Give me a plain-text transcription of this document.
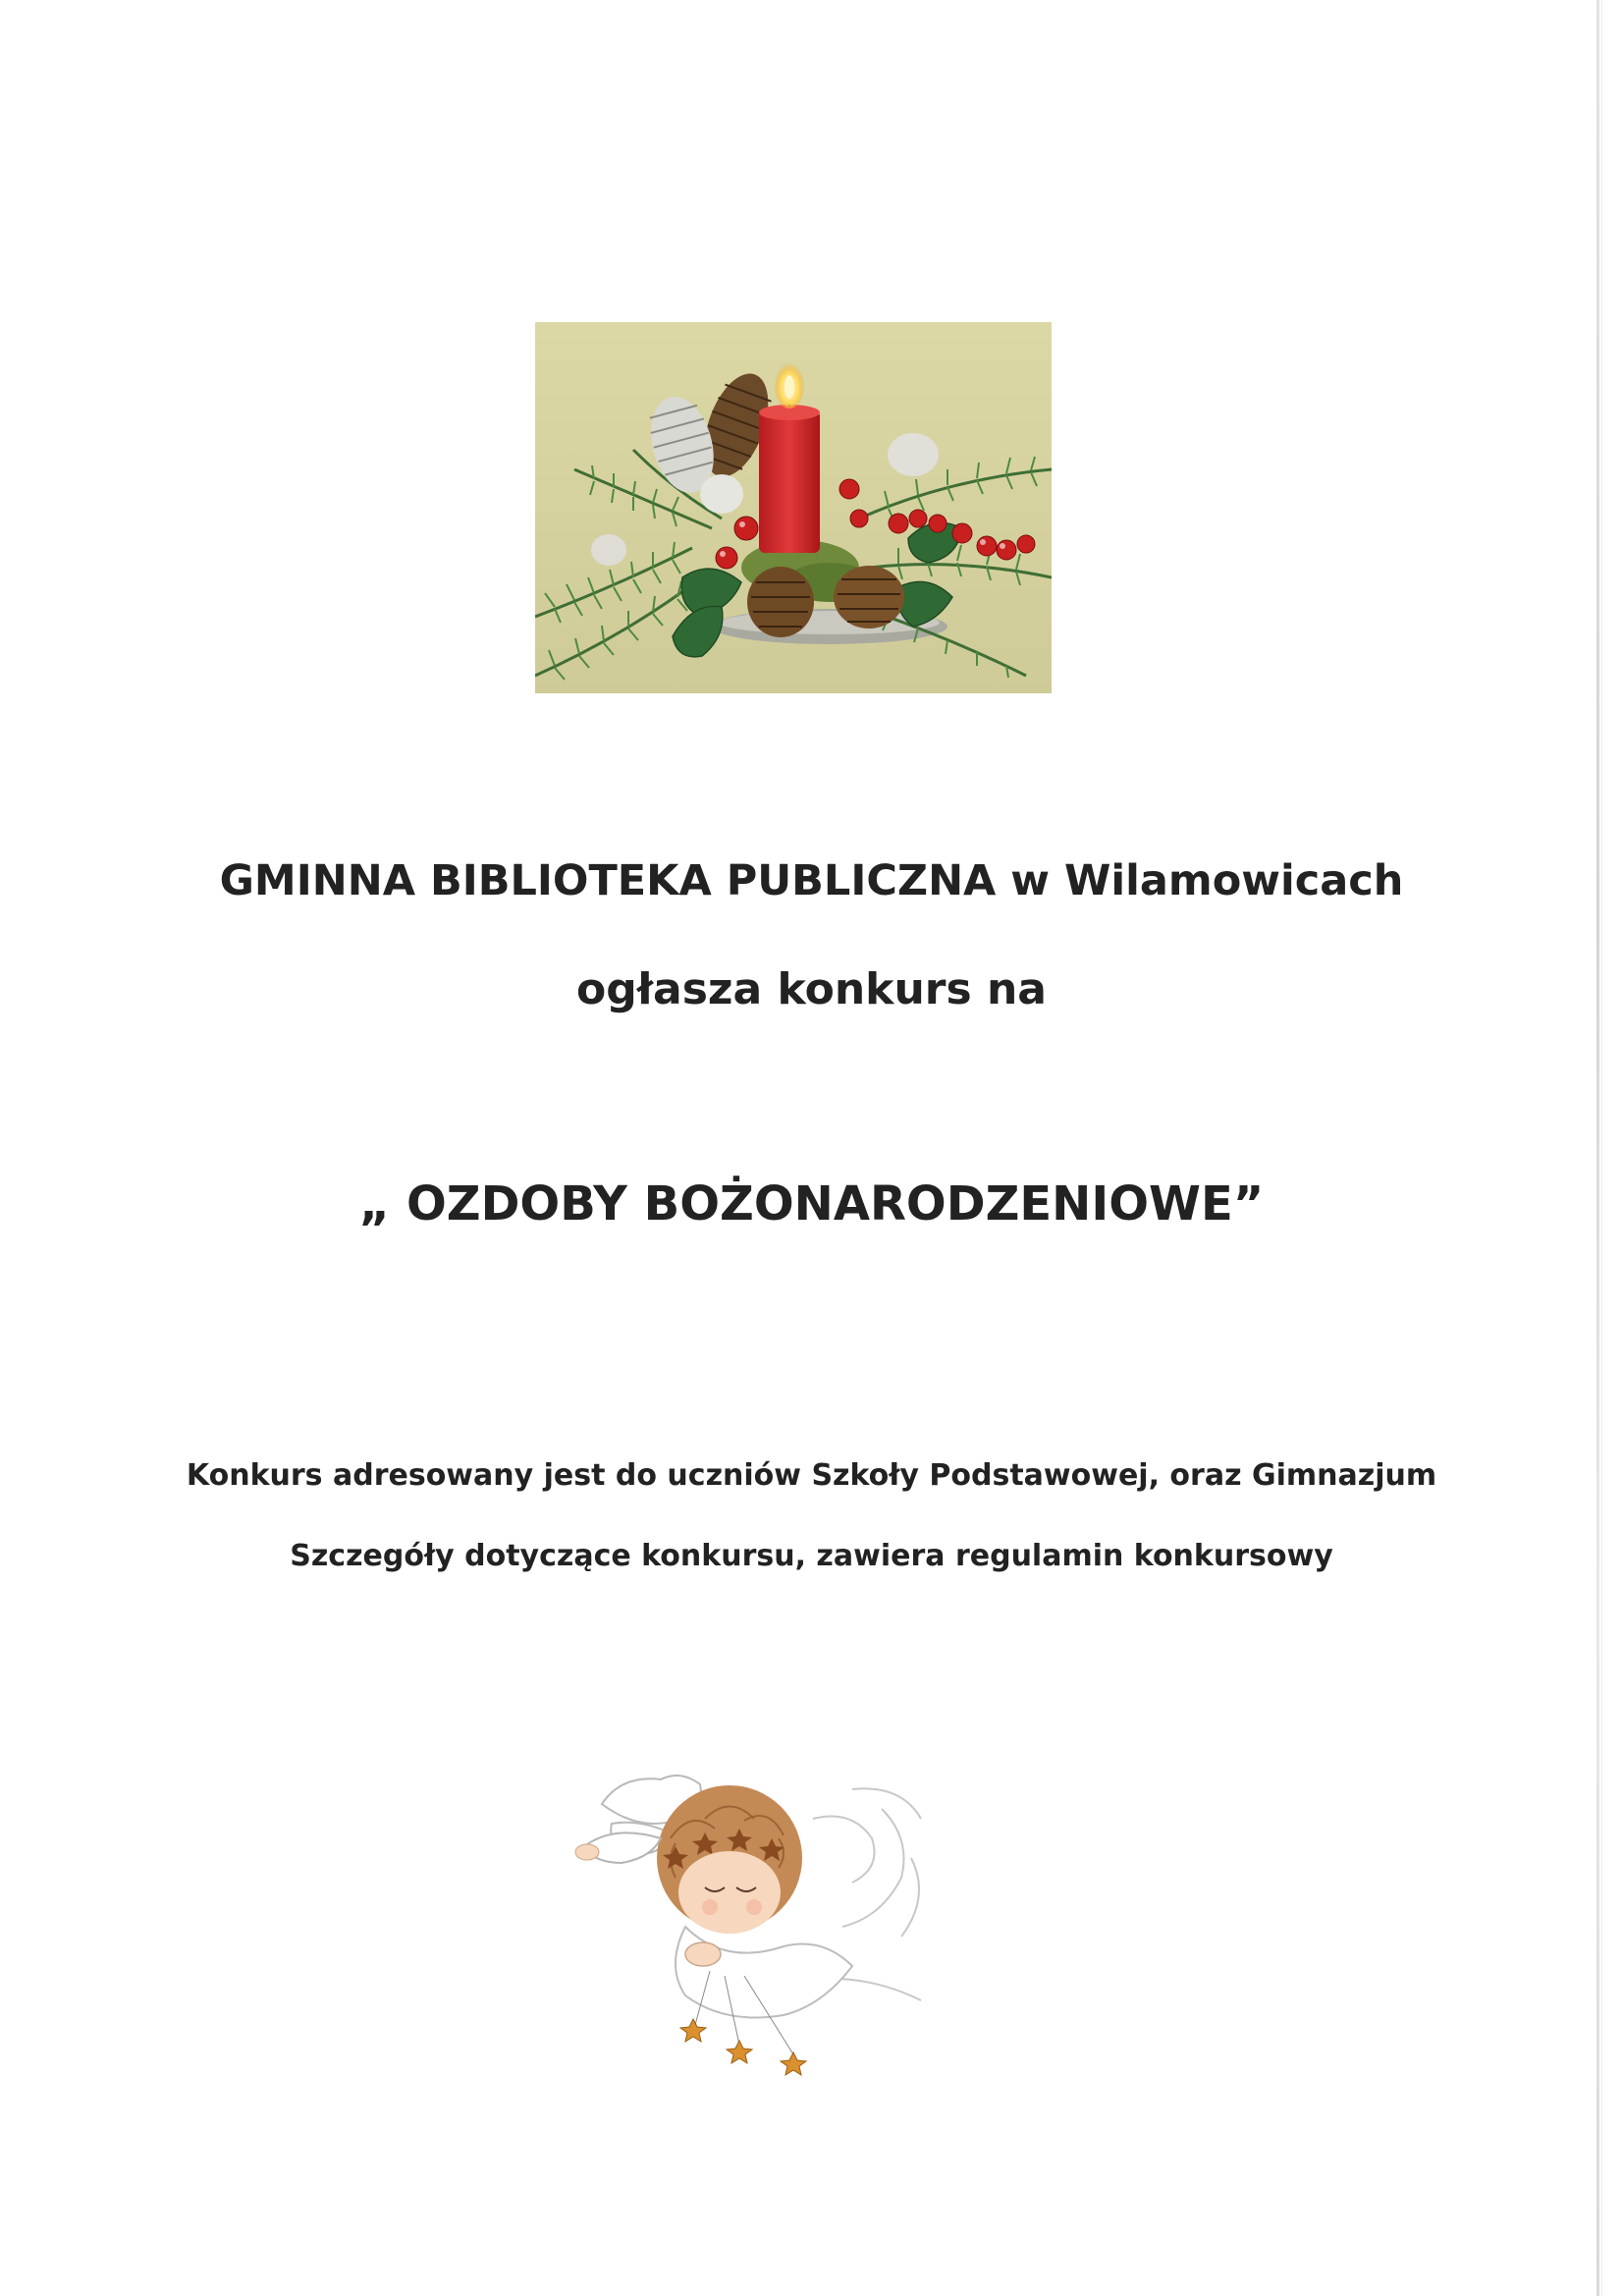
GMINNA BIBLIOTEKA PUBLICZNA w Wilamowicach
ogłasza konkurs na
„ OZDOBY BOŻONARODZENIOWE”
Konkurs adresowany jest do uczniów Szkoły Podstawowej, oraz Gimnazjum
Szczegóły dotyczące konkursu, zawiera regulamin konkursowy
